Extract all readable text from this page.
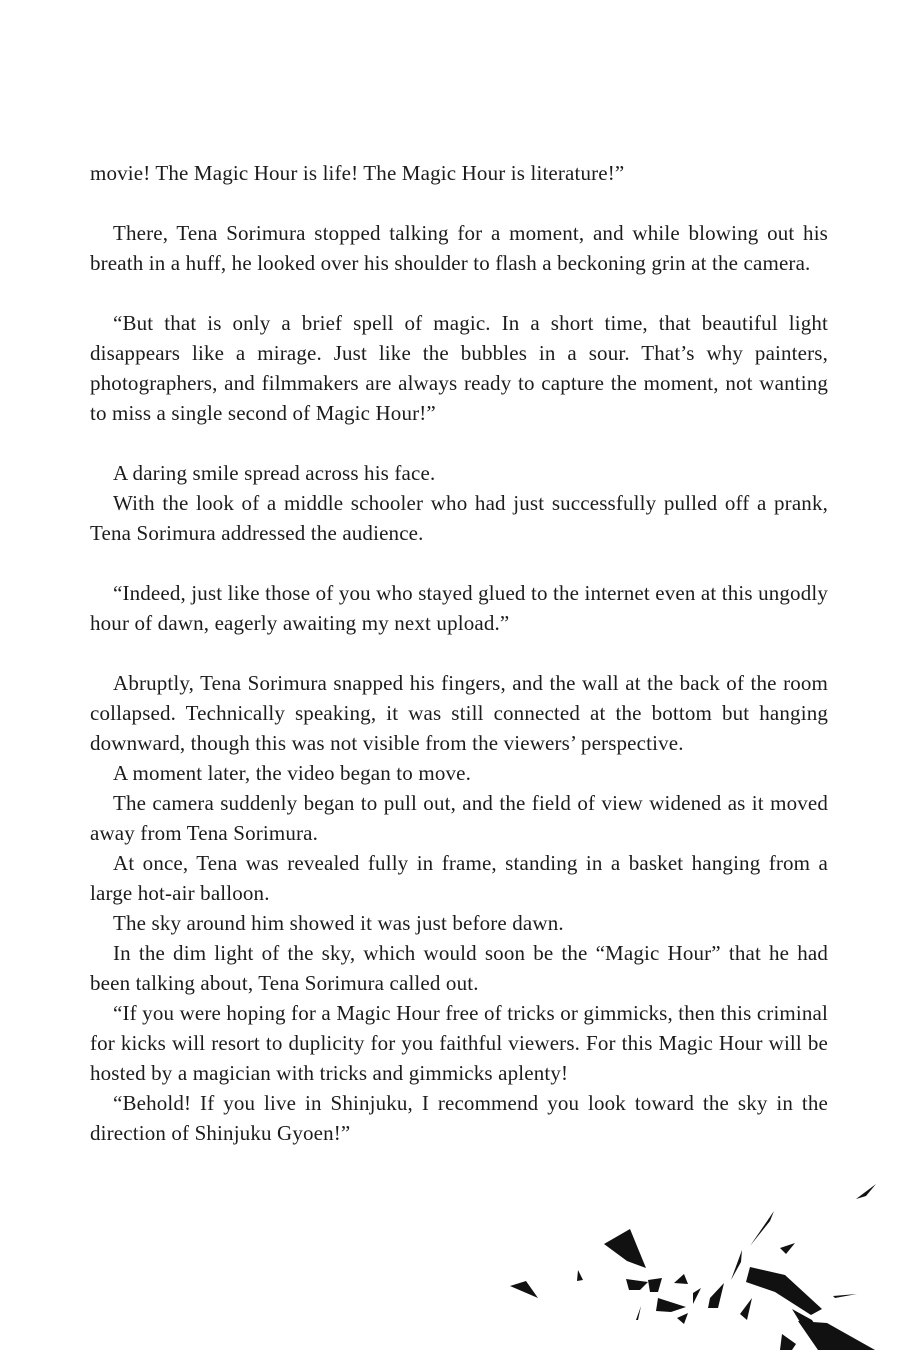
movie! The Magic Hour is life! The Magic Hour is literature!”

There, Tena Sorimura stopped talking for a moment, and while blowing out his breath in a huff, he looked over his shoulder to flash a beckoning grin at the camera.

“But that is only a brief spell of magic. In a short time, that beautiful light disappears like a mirage. Just like the bubbles in a sour. That’s why painters, photographers, and filmmakers are always ready to capture the moment, not wanting to miss a single second of Magic Hour!”

A daring smile spread across his face.

With the look of a middle schooler who had just successfully pulled off a prank, Tena Sorimura addressed the audience.

“Indeed, just like those of you who stayed glued to the internet even at this ungodly hour of dawn, eagerly awaiting my next upload.”

Abruptly, Tena Sorimura snapped his fingers, and the wall at the back of the room collapsed. Technically speaking, it was still connected at the bottom but hanging downward, though this was not visible from the viewers’ perspective.

A moment later, the video began to move.

The camera suddenly began to pull out, and the field of view widened as it moved away from Tena Sorimura.

At once, Tena was revealed fully in frame, standing in a basket hanging from a large hot-air balloon.

The sky around him showed it was just before dawn.

In the dim light of the sky, which would soon be the “Magic Hour” that he had been talking about, Tena Sorimura called out.

“If you were hoping for a Magic Hour free of tricks or gimmicks, then this criminal for kicks will resort to duplicity for you faithful viewers. For this Magic Hour will be hosted by a magician with tricks and gimmicks aplenty!

“Behold! If you live in Shinjuku, I recommend you look toward the sky in the direction of Shinjuku Gyoen!”
